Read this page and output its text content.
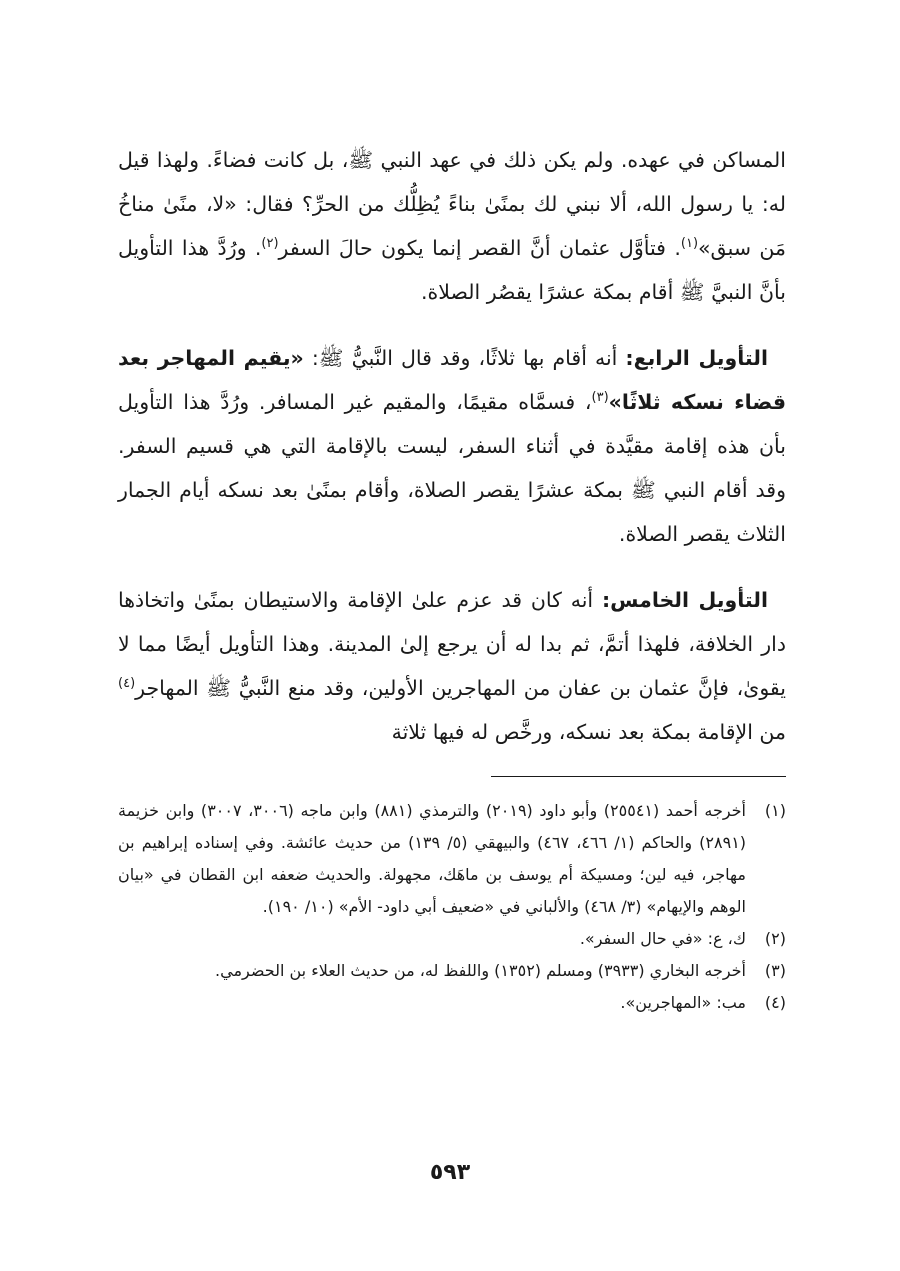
المساكن في عهده. ولم يكن ذلك في عهد النبي ﷺ، بل كانت فضاءً. ولهذا قيل له: يا رسول الله، ألا نبني لك بمنًىٰ بناءً يُظِلُّك من الحرِّ؟ فقال: «لا، منًىٰ مناخُ مَن سبق»$^{(١)}$. فتأوَّل عثمان أنَّ القصر إنما يكون حالَ السفر$^{(٢)}$. ورُدَّ هذا التأويل بأنَّ النبيَّ ﷺ أقام بمكة عشرًا يقصُر الصلاة.

التأويل الرابع: أنه أقام بها ثلاثًا، وقد قال النَّبيُّ ﷺ: «يقيم المهاجر بعد قضاء نسكه ثلاثًا»$^{(٣)}$، فسمَّاه مقيمًا، والمقيم غير المسافر. ورُدَّ هذا التأويل بأن هذه إقامة مقيَّدة في أثناء السفر، ليست بالإقامة التي هي قسيم السفر. وقد أقام النبي ﷺ بمكة عشرًا يقصر الصلاة، وأقام بمنًىٰ بعد نسكه أيام الجمار الثلاث يقصر الصلاة.

التأويل الخامس: أنه كان قد عزم علىٰ الإقامة والاستيطان بمنًىٰ واتخاذها دار الخلافة، فلهذا أتمَّ، ثم بدا له أن يرجع إلىٰ المدينة. وهذا التأويل أيضًا مما لا يقوىٰ، فإنَّ عثمان بن عفان من المهاجرين الأولين، وقد منع النَّبيُّ ﷺ المهاجر$^{(٤)}$ من الإقامة بمكة بعد نسكه، ورخَّص له فيها ثلاثة

(١)
أخرجه أحمد (٢٥٥٤١) وأبو داود (٢٠١٩) والترمذي (٨٨١) وابن ماجه (٣٠٠٦، ٣٠٠٧) وابن خزيمة (٢٨٩١) والحاكم (١/ ٤٦٦، ٤٦٧) والبيهقي (٥/ ١٣٩) من حديث عائشة. وفي إسناده إبراهيم بن مهاجر، فيه لين؛ ومسيكة أم يوسف بن ماهَك، مجهولة. والحديث ضعفه ابن القطان في «بيان الوهم والإيهام» (٣/ ٤٦٨) والألباني في «ضعيف أبي داود- الأم» (١٠/ ١٩٠).
(٢)
ك، ع: «في حال السفر».
(٣)
أخرجه البخاري (٣٩٣٣) ومسلم (١٣٥٢) واللفظ له، من حديث العلاء بن الحضرمي.
(٤)
مب: «المهاجرين».
٥٩٣
